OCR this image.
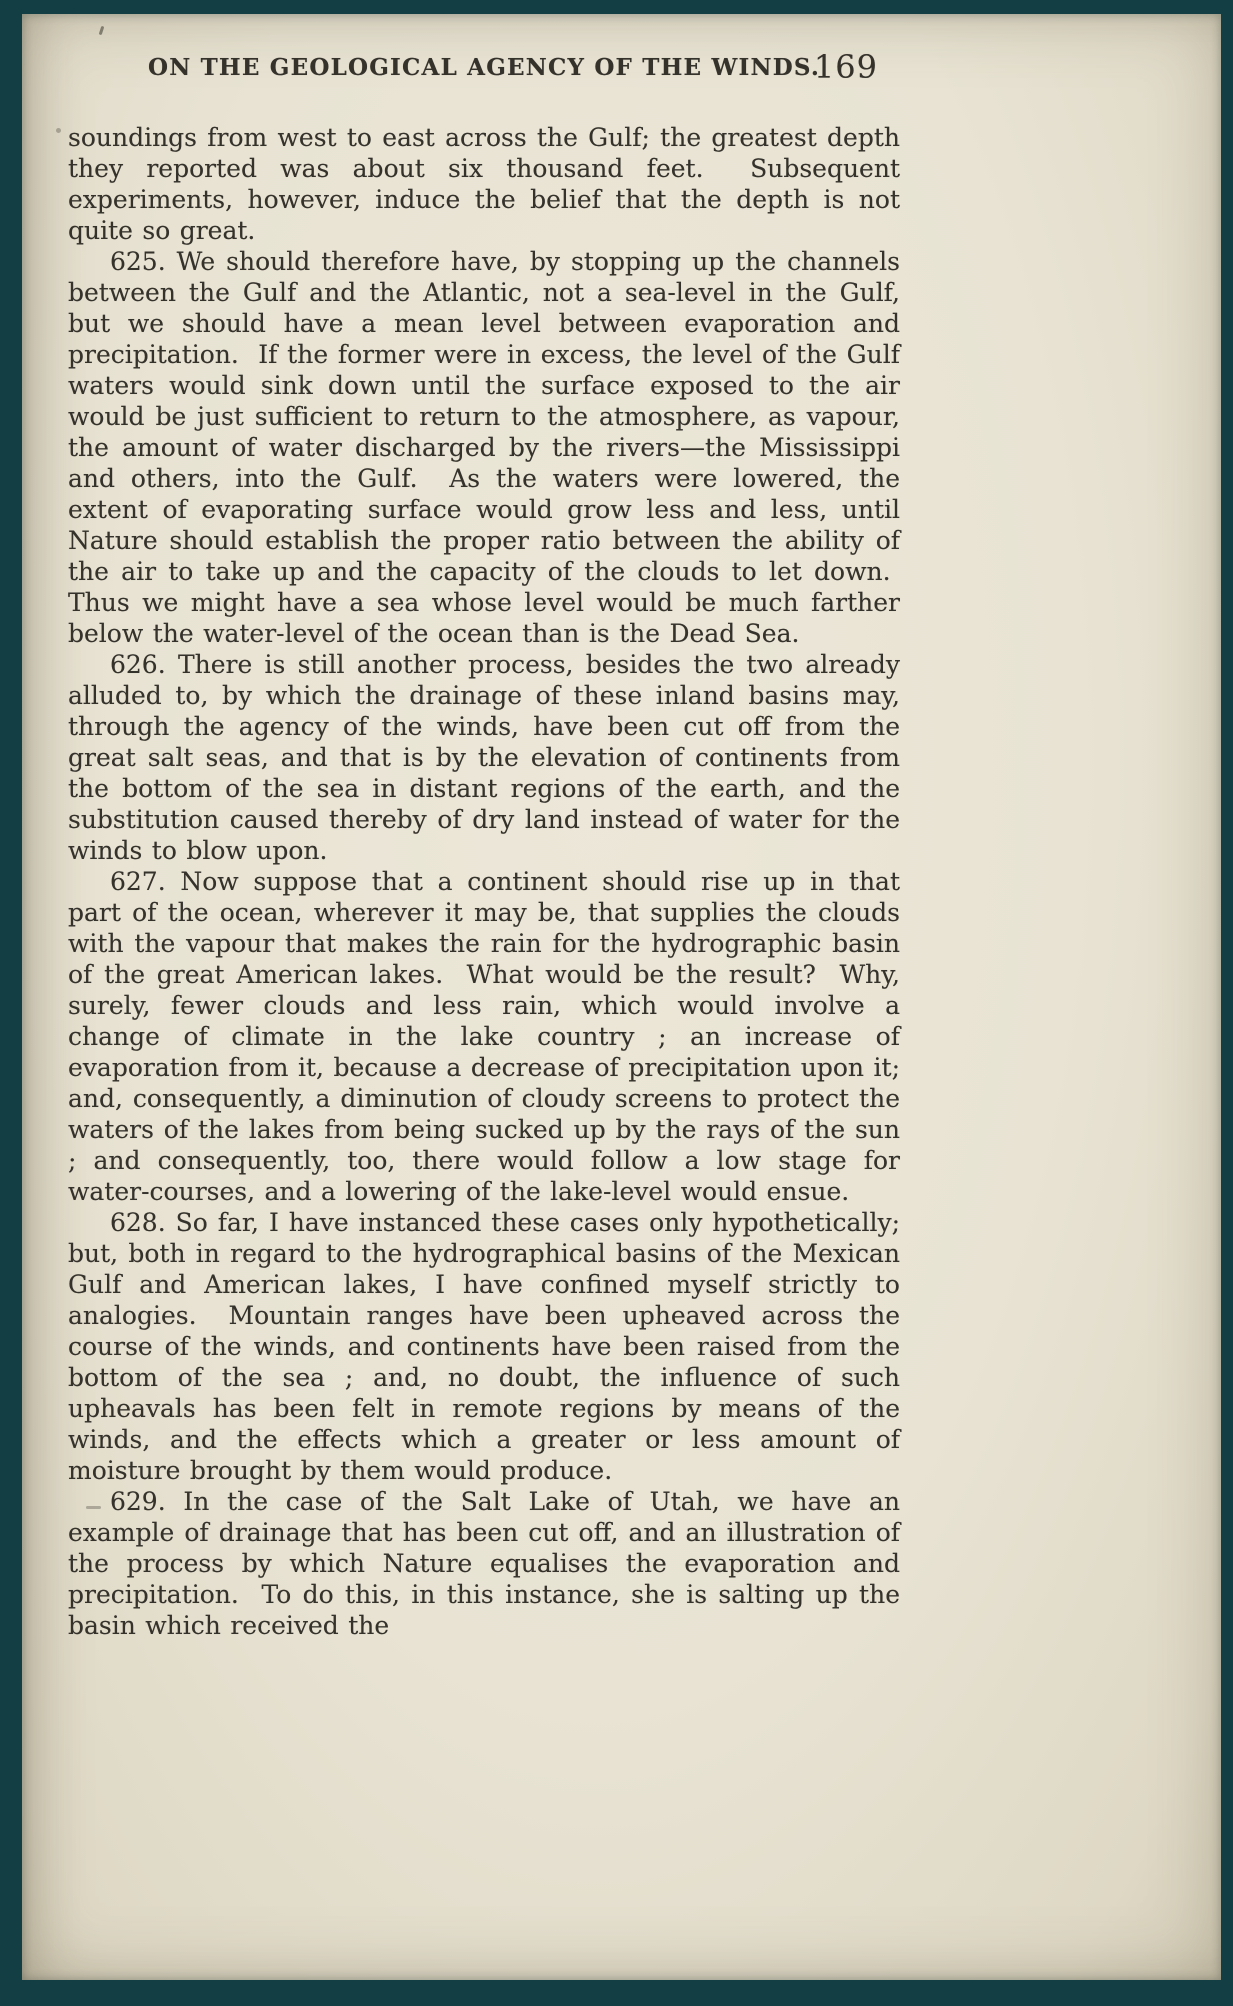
ON THE GEOLOGICAL AGENCY OF THE WINDS.
169

soundings from west to east across the Gulf; the greatest depth they reported was about six thousand feet.  Subsequent experiments, however, induce the belief that the depth is not quite so great.

625. We should therefore have, by stopping up the channels between the Gulf and the Atlantic, not a sea-level in the Gulf, but we should have a mean level between evaporation and precipitation.  If the former were in excess, the level of the Gulf waters would sink down until the surface exposed to the air would be just sufficient to return to the atmosphere, as vapour, the amount of water discharged by the rivers—the Mississippi and others, into the Gulf.  As the waters were lowered, the extent of evaporating surface would grow less and less, until Nature should establish the proper ratio between the ability of the air to take up and the capacity of the clouds to let down.  Thus we might have a sea whose level would be much farther below the water-level of the ocean than is the Dead Sea.

626. There is still another process, besides the two already alluded to, by which the drainage of these inland basins may, through the agency of the winds, have been cut off from the great salt seas, and that is by the elevation of continents from the bottom of the sea in distant regions of the earth, and the substitution caused thereby of dry land instead of water for the winds to blow upon.

627. Now suppose that a continent should rise up in that part of the ocean, wherever it may be, that supplies the clouds with the vapour that makes the rain for the hydrographic basin of the great American lakes.  What would be the result?  Why, surely, fewer clouds and less rain, which would involve a change of climate in the lake country ; an increase of evaporation from it, because a decrease of precipitation upon it; and, consequently, a diminution of cloudy screens to protect the waters of the lakes from being sucked up by the rays of the sun ; and consequently, too, there would follow a low stage for water-courses, and a lowering of the lake-level would ensue.

628. So far, I have instanced these cases only hypothetically; but, both in regard to the hydrographical basins of the Mexican Gulf and American lakes, I have confined myself strictly to analogies.  Mountain ranges have been upheaved across the course of the winds, and continents have been raised from the bottom of the sea ; and, no doubt, the influence of such upheavals has been felt in remote regions by means of the winds, and the effects which a greater or less amount of moisture brought by them would produce.

629. In the case of the Salt Lake of Utah, we have an example of drainage that has been cut off, and an illustration of the process by which Nature equalises the evaporation and precipitation.  To do this, in this instance, she is salting up the basin which received the
